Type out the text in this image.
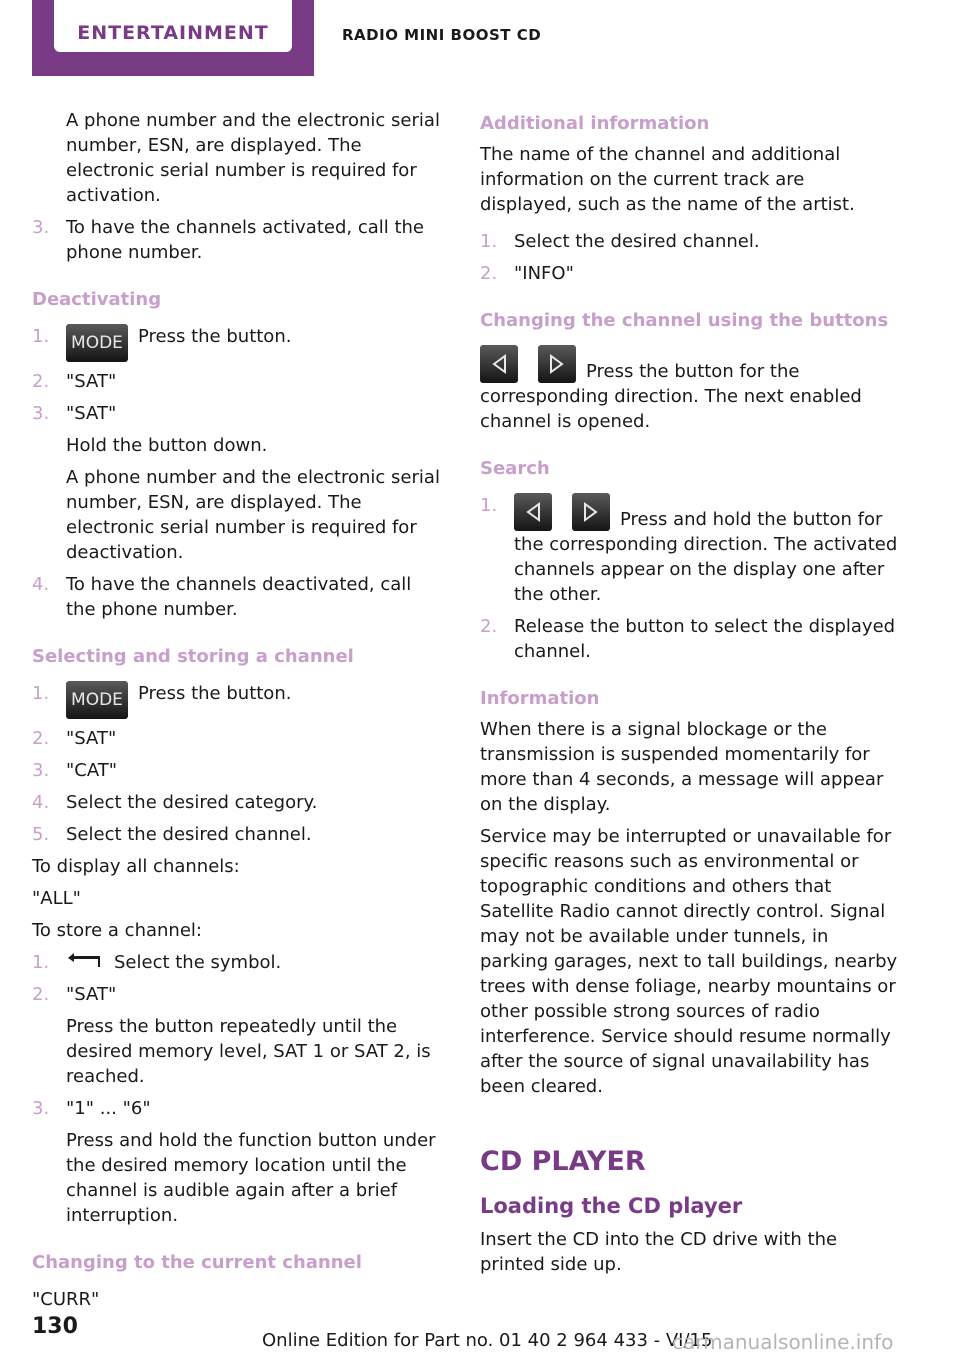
ENTERTAINMENT	RADIO MINI BOOST CD

A phone number and the electronic serial number, ESN, are displayed. The electronic serial number is required for activation.

3. To have the channels activated, call the phone number.
Deactivating
1. MODE Press the button.
2. "SAT"
3. "SAT"

Hold the button down.

A phone number and the electronic serial number, ESN, are displayed. The electronic serial number is required for deactivation.

4. To have the channels deactivated, call the phone number.
Selecting and storing a channel
1. MODE Press the button.
2. "SAT"
3. "CAT"
4. Select the desired category.
5. Select the desired channel.

To display all channels:

"ALL"

To store a channel:

1.	Select the symbol.
2. "SAT"

Press the button repeatedly until the desired memory level, SAT 1 or SAT 2, is reached.

3. "1" ... "6"

Press and hold the function button under the desired memory location until the channel is audible again after a brief interruption.

Changing to the current channel

"CURR"

Additional information

The name of the channel and additional information on the current track are displayed, such as the name of the artist.

1. Select the desired channel.
2. "INFO"
Changing the channel using the buttons

Press the button for the corresponding direction. The next enabled channel is opened.

Search
1.
Press and hold the button for the corresponding direction. The activated channels appear on the display one after the other.
2. Release the button to select the displayed channel.
Information

When there is a signal blockage or the transmission is suspended momentarily for more than 4 seconds, a message will appear on the display.

Service may be interrupted or unavailable for specific reasons such as environmental or topographic conditions and others that Satellite Radio cannot directly control. Signal may not be available under tunnels, in parking garages, next to tall buildings, nearby trees with dense foliage, nearby mountains or other possible strong sources of radio interference. Service should resume normally after the source of signal unavailability has been cleared.

CD PLAYER
Loading the CD player

Insert the CD into the CD drive with the printed side up.

130
Online Edition for Part no. 01 40 2 964 433 - VI/15
carmanualsonline.info
